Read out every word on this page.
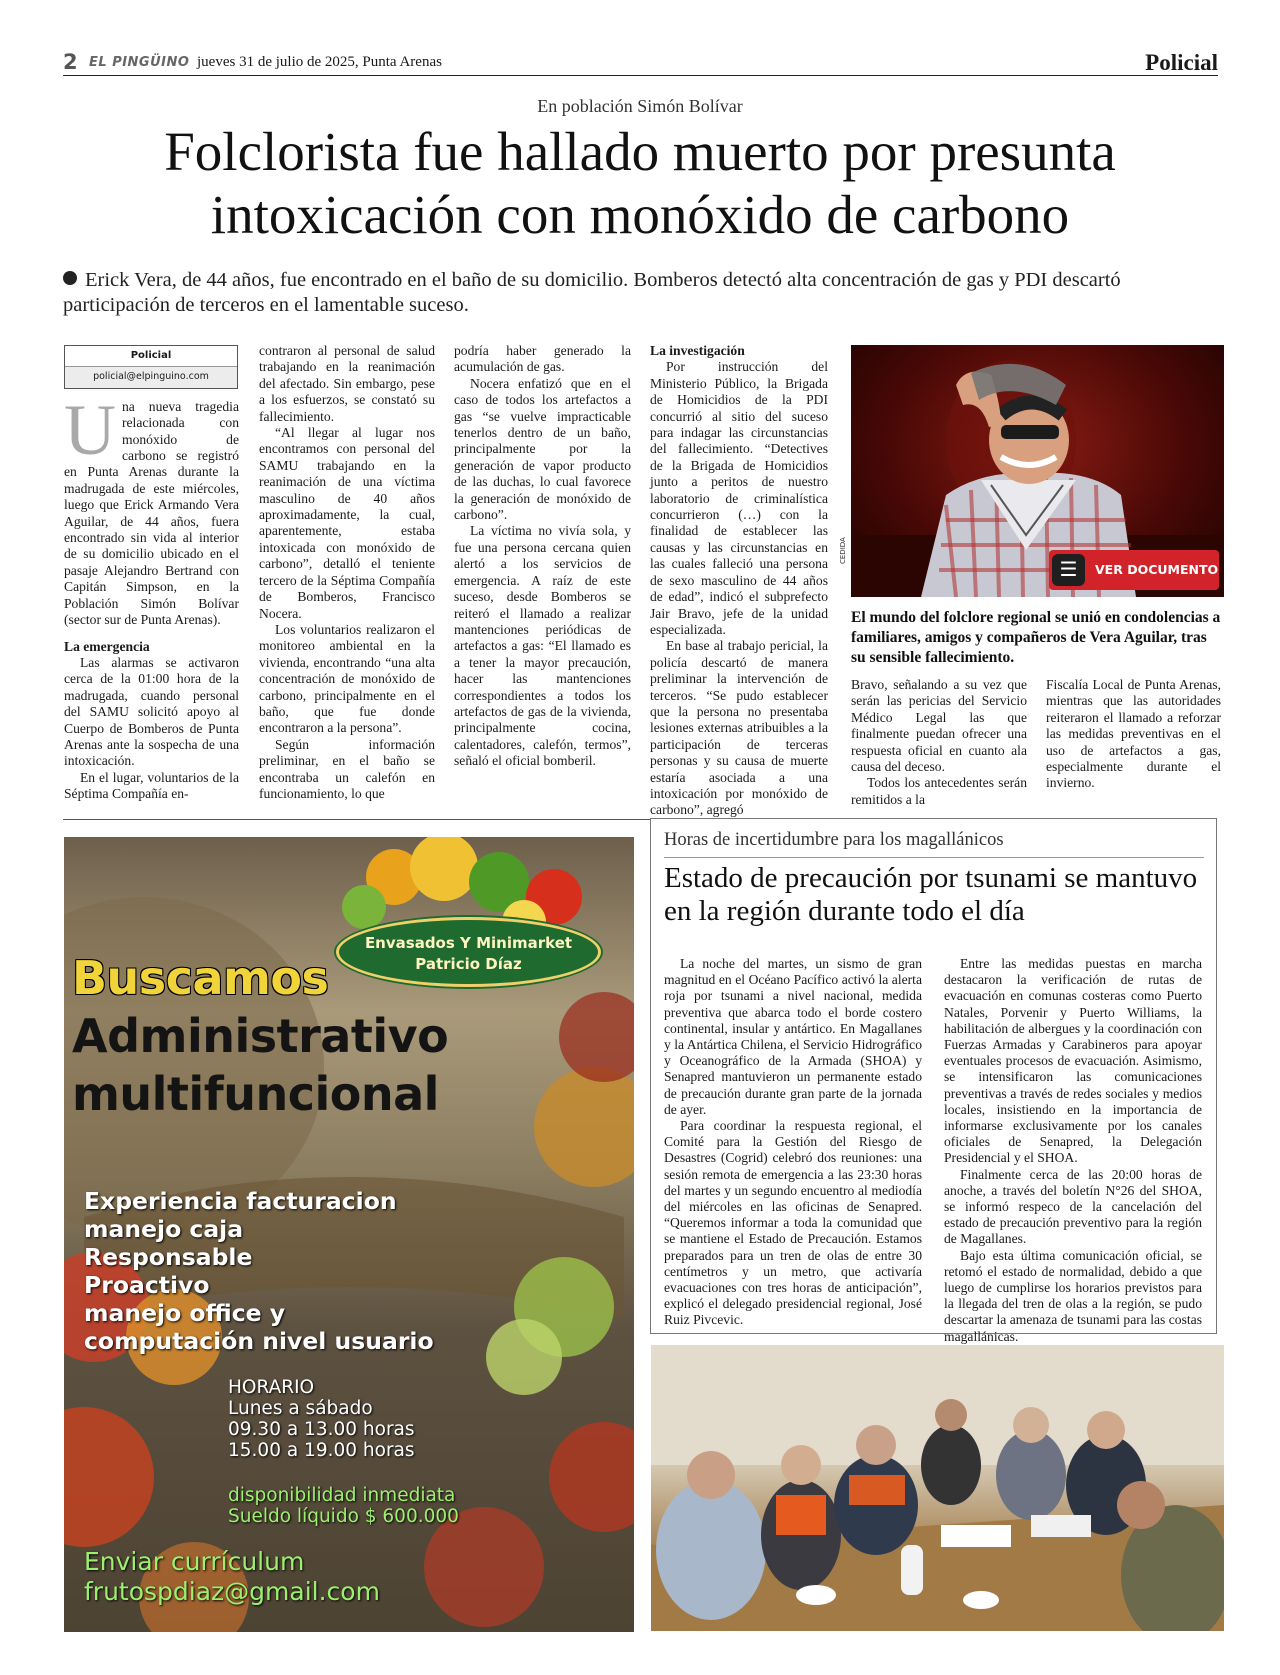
2 EL PINGÜINO jueves 31 de julio de 2025, Punta Arenas	Policial
En población Simón Bolívar
Folclorista fue hallado muerto por presunta intoxicación con monóxido de carbono
Erick Vera, de 44 años, fue encontrado en el baño de su domicilio. Bomberos detectó alta concentración de gas y PDI descartó participación de terceros en el lamentable suceso.
Policial
policial@elpinguino.com

Una nueva tragedia relacionada con monóxido de carbono se registró en Punta Arenas durante la madrugada de este miércoles, luego que Erick Armando Vera Aguilar, de 44 años, fuera encontrado sin vida al interior de su domicilio ubicado en el pasaje Alejandro Bertrand con Capitán Simpson, en la Población Simón Bolívar (sector sur de Punta Arenas).

La emergencia

Las alarmas se activaron cerca de la 01:00 hora de la madrugada, cuando personal del SAMU solicitó apoyo al Cuerpo de Bomberos de Punta Arenas ante la sospecha de una intoxicación.

En el lugar, voluntarios de la Séptima Compañía en-

contraron al personal de salud trabajando en la reanimación del afectado. Sin embargo, pese a los esfuerzos, se constató su fallecimiento.

“Al llegar al lugar nos encontramos con personal del SAMU trabajando en la reanimación de una víctima masculino de 40 años aproximadamente, la cual, aparentemente, estaba intoxicada con monóxido de carbono”, detalló el teniente tercero de la Séptima Compañía de Bomberos, Francisco Nocera.

Los voluntarios realizaron el monitoreo ambiental en la vivienda, encontrando “una alta concentración de monóxido de carbono, principalmente en el baño, que fue donde encontraron a la persona”.

Según información preliminar, en el baño se encontraba un calefón en funcionamiento, lo que

podría haber generado la acumulación de gas.

Nocera enfatizó que en el caso de todos los artefactos a gas “se vuelve impracticable tenerlos dentro de un baño, principalmente por la generación de vapor producto de las duchas, lo cual favorece la generación de monóxido de carbono”.

La víctima no vivía sola, y fue una persona cercana quien alertó a los servicios de emergencia. A raíz de este suceso, desde Bomberos se reiteró el llamado a realizar mantenciones periódicas de artefactos a gas: “El llamado es a tener la mayor precaución, hacer las mantenciones correspondientes a todos los artefactos de gas de la vivienda, principalmente cocina, calentadores, calefón, termos”, señaló el oficial bomberil.

La investigación

Por instrucción del Ministerio Público, la Brigada de Homicidios de la PDI concurrió al sitio del suceso para indagar las circunstancias del fallecimiento. “Detectives de la Brigada de Homicidios junto a peritos de nuestro laboratorio de criminalística concurrieron (…) con la finalidad de establecer las causas y las circunstancias en las cuales falleció una persona de sexo masculino de 44 años de edad”, indicó el subprefecto Jair Bravo, jefe de la unidad especializada.

En base al trabajo pericial, la policía descartó de manera preliminar la intervención de terceros. “Se pudo establecer que la persona no presentaba lesiones externas atribuibles a la participación de terceras personas y su causa de muerte estaría asociada a una intoxicación por monóxido de carbono”, agregó

☰	VER DOCUMENTO
CEDIDA
El mundo del folclore regional se unió en condolencias a familiares, amigos y compañeros de Vera Aguilar, tras su sensible fallecimiento.

Bravo, señalando a su vez que serán las pericias del Servicio Médico Legal las que finalmente puedan ofrecer una respuesta oficial en cuanto ala causa del deceso.

Todos los antecedentes serán remitidos a la

Fiscalía Local de Punta Arenas, mientras que las autoridades reiteraron el llamado a reforzar las medidas preventivas en el uso de artefactos a gas, especialmente durante el invierno.

Envasados Y Minimarket
Patricio Díaz
Buscamos
Administrativo
multifuncional
Experiencia facturacion
manejo caja
Responsable
Proactivo
manejo office y
computación nivel usuario
HORARIO
Lunes a sábado
09.30 a 13.00 horas
15.00 a 19.00 horas
disponibilidad inmediata
Sueldo líquido $ 600.000
Enviar currículum
frutospdiaz@gmail.com
Horas de incertidumbre para los magallánicos
Estado de precaución por tsunami se mantuvo en la región durante todo el día

La noche del martes, un sismo de gran magnitud en el Océano Pacífico activó la alerta roja por tsunami a nivel nacional, medida preventiva que abarca todo el borde costero continental, insular y antártico. En Magallanes y la Antártica Chilena, el Servicio Hidrográfico y Oceanográfico de la Armada (SHOA) y Senapred mantuvieron un permanente estado de precaución durante gran parte de la jornada de ayer.

Para coordinar la respuesta regional, el Comité para la Gestión del Riesgo de Desastres (Cogrid) celebró dos reuniones: una sesión remota de emergencia a las 23:30 horas del martes y un segundo encuentro al mediodía del miércoles en las oficinas de Senapred. “Queremos informar a toda la comunidad que se mantiene el Estado de Precaución. Estamos preparados para un tren de olas de entre 30 centímetros y un metro, que activaría evacuaciones con tres horas de anticipación”, explicó el delegado presidencial regional, José Ruiz Pivcevic.

Entre las medidas puestas en marcha destacaron la verificación de rutas de evacuación en comunas costeras como Puerto Natales, Porvenir y Puerto Williams, la habilitación de albergues y la coordinación con Fuerzas Armadas y Carabineros para apoyar eventuales procesos de evacuación. Asimismo, se intensificaron las comunicaciones preventivas a través de redes sociales y medios locales, insistiendo en la importancia de informarse exclusivamente por los canales oficiales de Senapred, la Delegación Presidencial y el SHOA.

Finalmente cerca de las 20:00 horas de anoche, a través del boletín N°26 del SHOA, se informó respeco de la cancelación del estado de precaución preventivo para la región de Magallanes.

Bajo esta última comunicación oficial, se retomó el estado de normalidad, debido a que luego de cumplirse los horarios previstos para la llegada del tren de olas a la región, se pudo descartar la amenaza de tsunami para las costas magallánicas.
